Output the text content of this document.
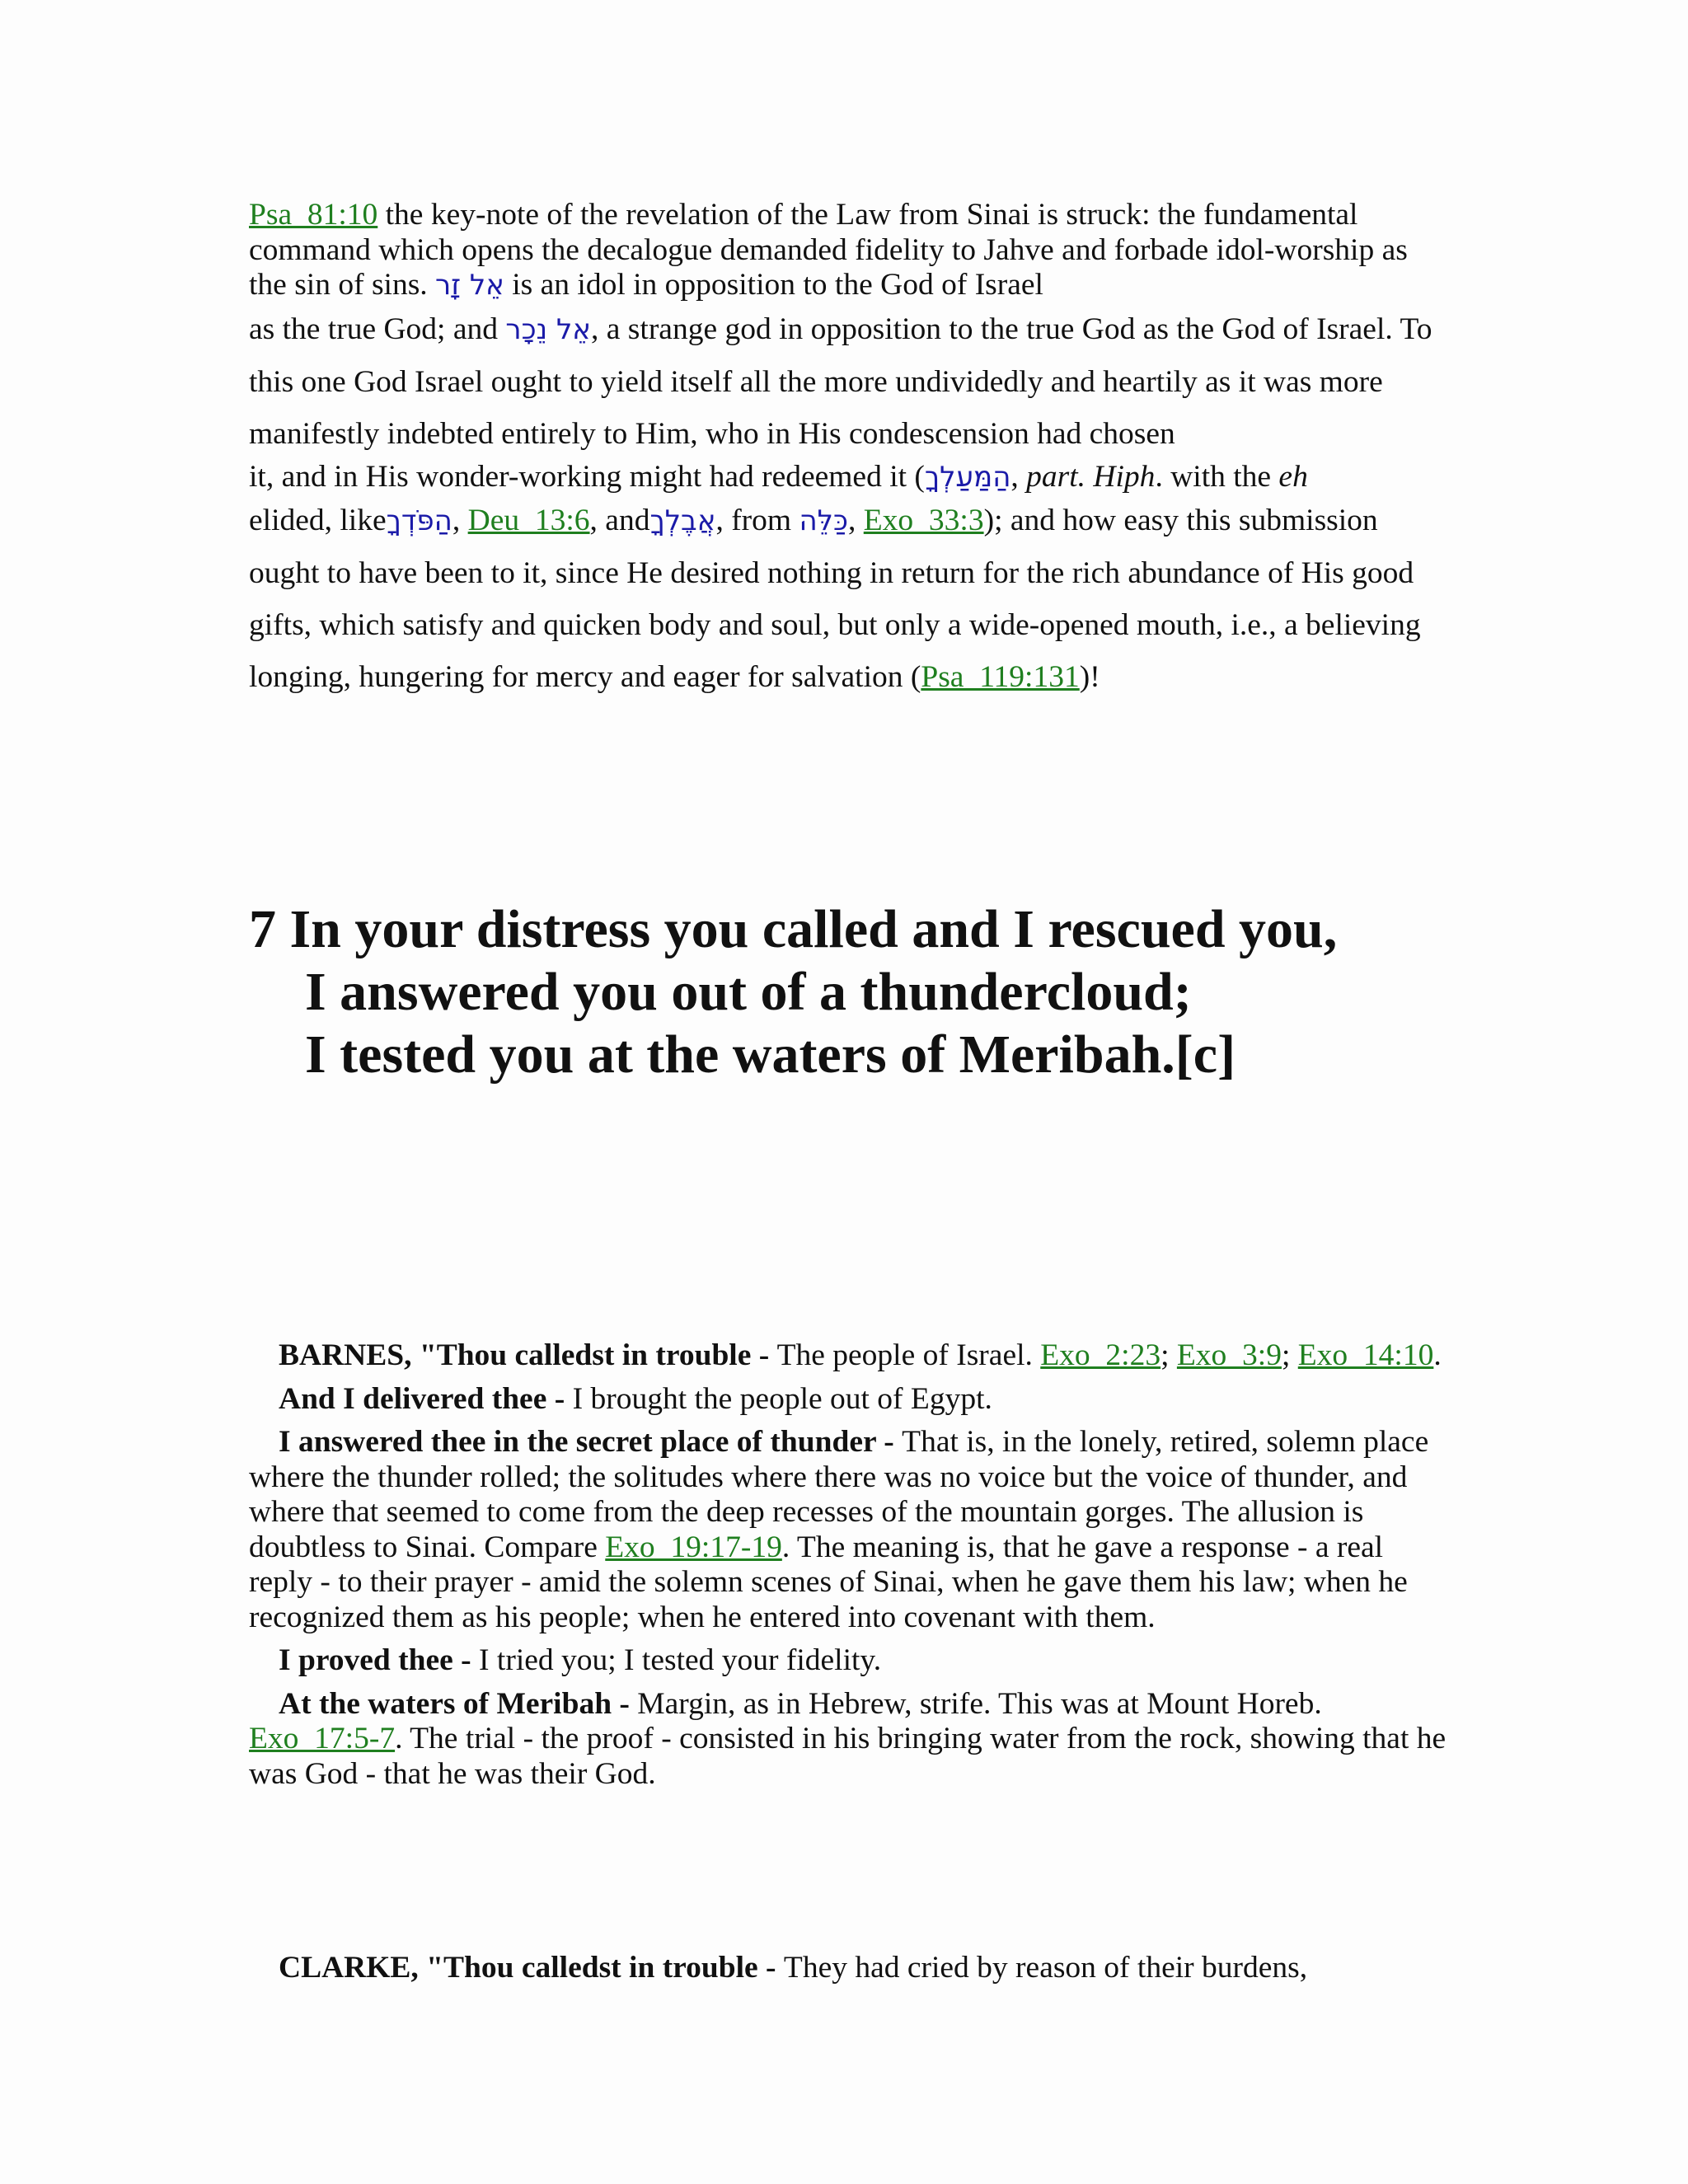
Psa_81:10 the key-note of the revelation of the Law from Sinai is struck: the fundamental command which opens the decalogue demanded fidelity to Jahve and forbade idol-worship as the sin of sins. אֵל זָר is an idol in opposition to the God of Israel
as the true God; and אֵל נֵכָר, a strange god in opposition to the true God as the God of Israel. To this one God Israel ought to yield itself all the more undividedly and heartily as it was more manifestly indebted entirely to Him, who in His condescension had chosen
it, and in His wonder-working might had redeemed it (הַמַּעַלְךָ, part. Hiph. with the eh
elided, likeהַפֹּדְךָ, Deu_13:6, andאֲבֶלְךָ, from כַּלֵּה, Exo_33:3); and how easy this submission ought to have been to it, since He desired nothing in return for the rich abundance of His good gifts, which satisfy and quicken body and soul, but only a wide-opened mouth, i.e., a believing longing, hungering for mercy and eager for salvation (Psa_119:131)!
7 In your distress you called and I rescued you,
I answered you out of a thundercloud;
I tested you at the waters of Meribah.[c]

BARNES, "Thou calledst in trouble - The people of Israel. Exo_2:23; Exo_3:9; Exo_14:10.

And I delivered thee - I brought the people out of Egypt.

I answered thee in the secret place of thunder - That is, in the lonely, retired, solemn place where the thunder rolled; the solitudes where there was no voice but the voice of thunder, and where that seemed to come from the deep recesses of the mountain gorges. The allusion is doubtless to Sinai. Compare Exo_19:17-19. The meaning is, that he gave a response - a real reply - to their prayer - amid the solemn scenes of Sinai, when he gave them his law; when he recognized them as his people; when he entered into covenant with them.

I proved thee - I tried you; I tested your fidelity.

At the waters of Meribah - Margin, as in Hebrew, strife. This was at Mount Horeb. Exo_17:5-7. The trial - the proof - consisted in his bringing water from the rock, showing that he was God - that he was their God.

CLARKE, "Thou calledst in trouble - They had cried by reason of their burdens,
